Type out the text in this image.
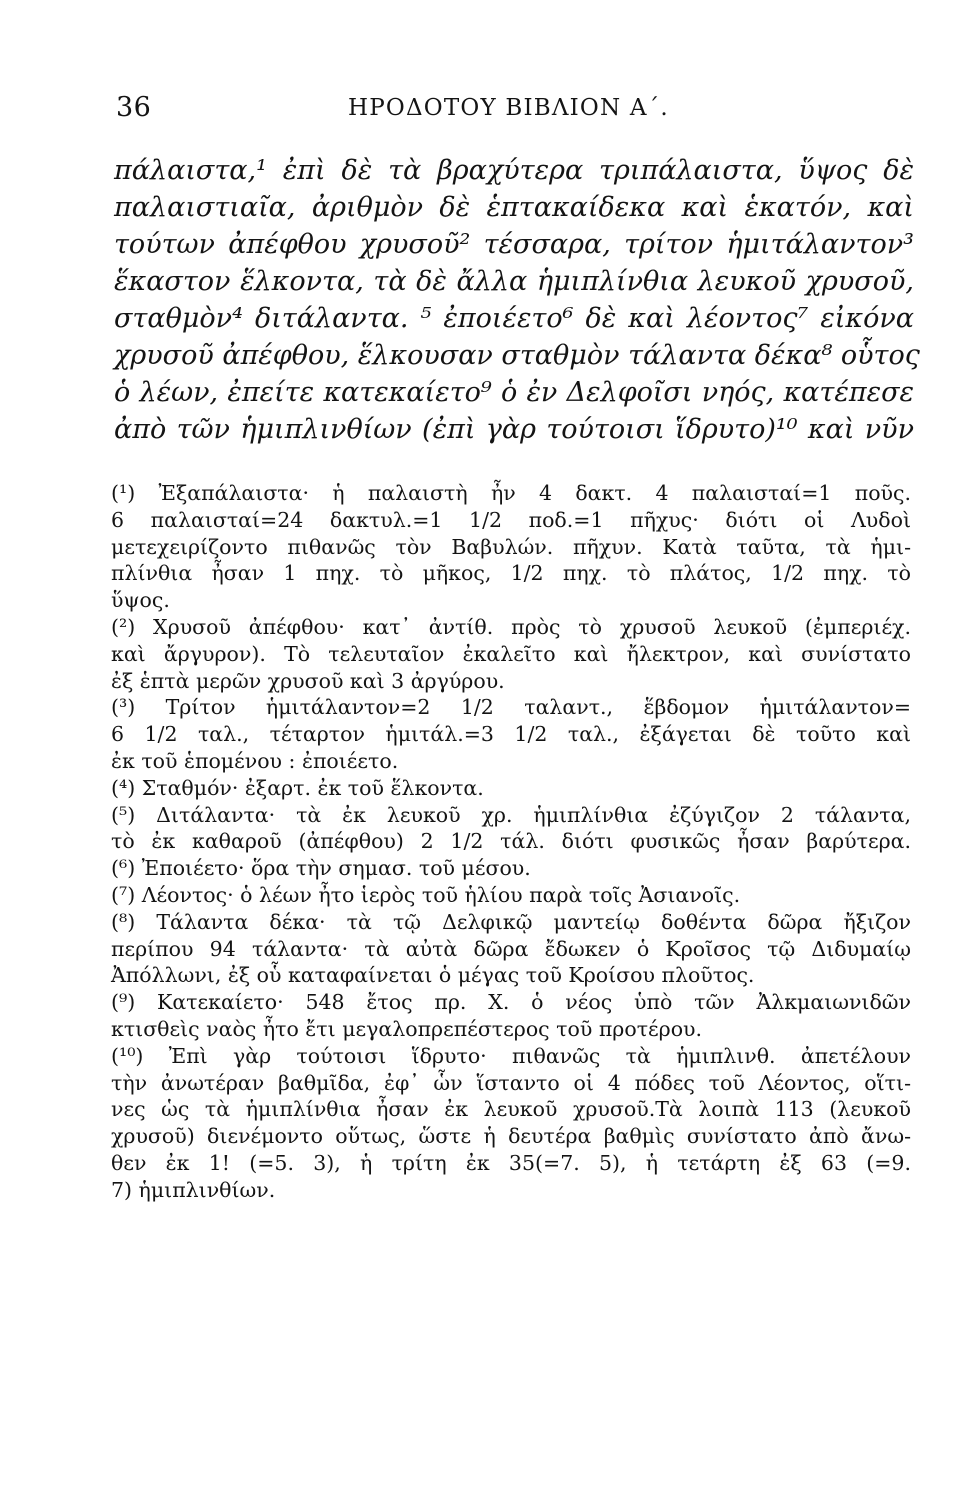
36	ΗΡΟΔΟΤΟΥ ΒΙΒΛΙΟΝ Α΄.
πάλαιστα,¹ ἐπὶ δὲ τὰ βραχύτερα τριπάλαιστα, ὕψος δὲ
παλαιστιαῖα, ἀριθμὸν δὲ ἑπτακαίδεκα καὶ ἑκατόν, καὶ
τούτων ἀπέφθου χρυσοῦ² τέσσαρα, τρίτον ἡμιτάλαντον³
ἕκαστον ἕλκοντα, τὰ δὲ ἄλλα ἡμιπλίνθια λευκοῦ χρυσοῦ,
σταθμὸν⁴ διτάλαντα. ⁵ ἐποιέετο⁶ δὲ καὶ λέοντος⁷ εἰκόνα
χρυσοῦ ἀπέφθου, ἕλκουσαν σταθμὸν τάλαντα δέκα⁸ οὗτος
ὁ λέων, ἐπείτε κατεκαίετο⁹ ὁ ἐν Δελφοῖσι νηός, κατέπεσε
ἀπὸ τῶν ἡμιπλινθίων (ἐπὶ γὰρ τούτοισι ἵδρυτο)¹⁰ καὶ νῦν
(¹) Ἐξαπάλαιστα· ἡ παλαιστὴ ἦν 4 δακτ. 4 παλαισταί=1 ποῦς.
6 παλαισταί=24 δακτυλ.=1 1/2 ποδ.=1 πῆχυς· διότι οἱ Λυδοὶ
μετεχειρίζοντο πιθανῶς τὸν Βαβυλών. πῆχυν. Κατὰ ταῦτα, τὰ ἡμι-
πλίνθια ἦσαν 1 πηχ. τὸ μῆκος, 1/2 πηχ. τὸ πλάτος, 1/2 πηχ. τὸ
ὕψος.
(²) Χρυσοῦ ἀπέφθου· κατ᾽ ἀντίθ. πρὸς τὸ χρυσοῦ λευκοῦ (ἐμπεριέχ.
καὶ ἄργυρον). Τὸ τελευταῖον ἐκαλεῖτο καὶ ἤλεκτρον, καὶ συνίστατο
ἐξ ἑπτὰ μερῶν χρυσοῦ καὶ 3 ἀργύρου.
(³) Τρίτον ἡμιτάλαντον=2 1/2 ταλαντ., ἕβδομον ἡμιτάλαντον=
6 1/2 ταλ., τέταρτον ἡμιτάλ.=3 1/2 ταλ., ἐξάγεται δὲ τοῦτο καὶ
ἐκ τοῦ ἑπομένου : ἐποιέετο.
(⁴) Σταθμόν· ἐξαρτ. ἐκ τοῦ ἕλκοντα.
(⁵) Διτάλαντα· τὰ ἐκ λευκοῦ χρ. ἡμιπλίνθια ἐζύγιζον 2 τάλαντα,
τὸ ἐκ καθαροῦ (ἀπέφθου) 2 1/2 τάλ. διότι φυσικῶς ἦσαν βαρύτερα.
(⁶) Ἐποιέετο· ὅρα τὴν σημασ. τοῦ μέσου.
(⁷) Λέοντος· ὁ λέων ἦτο ἱερὸς τοῦ ἡλίου παρὰ τοῖς Ἀσιανοῖς.
(⁸) Τάλαντα δέκα· τὰ τῷ Δελφικῷ μαντείῳ δοθέντα δῶρα ἤξιζον
περίπου 94 τάλαντα· τὰ αὐτὰ δῶρα ἔδωκεν ὁ Κροῖσος τῷ Διδυμαίῳ
Ἀπόλλωνι, ἐξ οὗ καταφαίνεται ὁ μέγας τοῦ Κροίσου πλοῦτος.
(⁹) Κατεκαίετο· 548 ἔτος πρ. Χ. ὁ νέος ὑπὸ τῶν Ἀλκμαιωνιδῶν
κτισθεὶς ναὸς ἦτο ἔτι μεγαλοπρεπέστερος τοῦ προτέρου.
(¹⁰) Ἐπὶ γὰρ τούτοισι ἵδρυτο· πιθανῶς τὰ ἡμιπλινθ. ἀπετέλουν
τὴν ἀνωτέραν βαθμῖδα, ἐφ᾽ ὧν ἵσταντο οἱ 4 πόδες τοῦ Λέοντος, οἵτι-
νες ὡς τὰ ἡμιπλίνθια ἦσαν ἐκ λευκοῦ χρυσοῦ.Τὰ λοιπὰ 113 (λευκοῦ
χρυσοῦ) διενέμοντο οὕτως, ὥστε ἡ δευτέρα βαθμὶς συνίστατο ἀπὸ ἄνω-
θεν ἐκ 1! (=5. 3), ἡ τρίτη ἐκ 35(=7. 5), ἡ τετάρτη ἐξ 63 (=9.
7) ἡμιπλινθίων.
